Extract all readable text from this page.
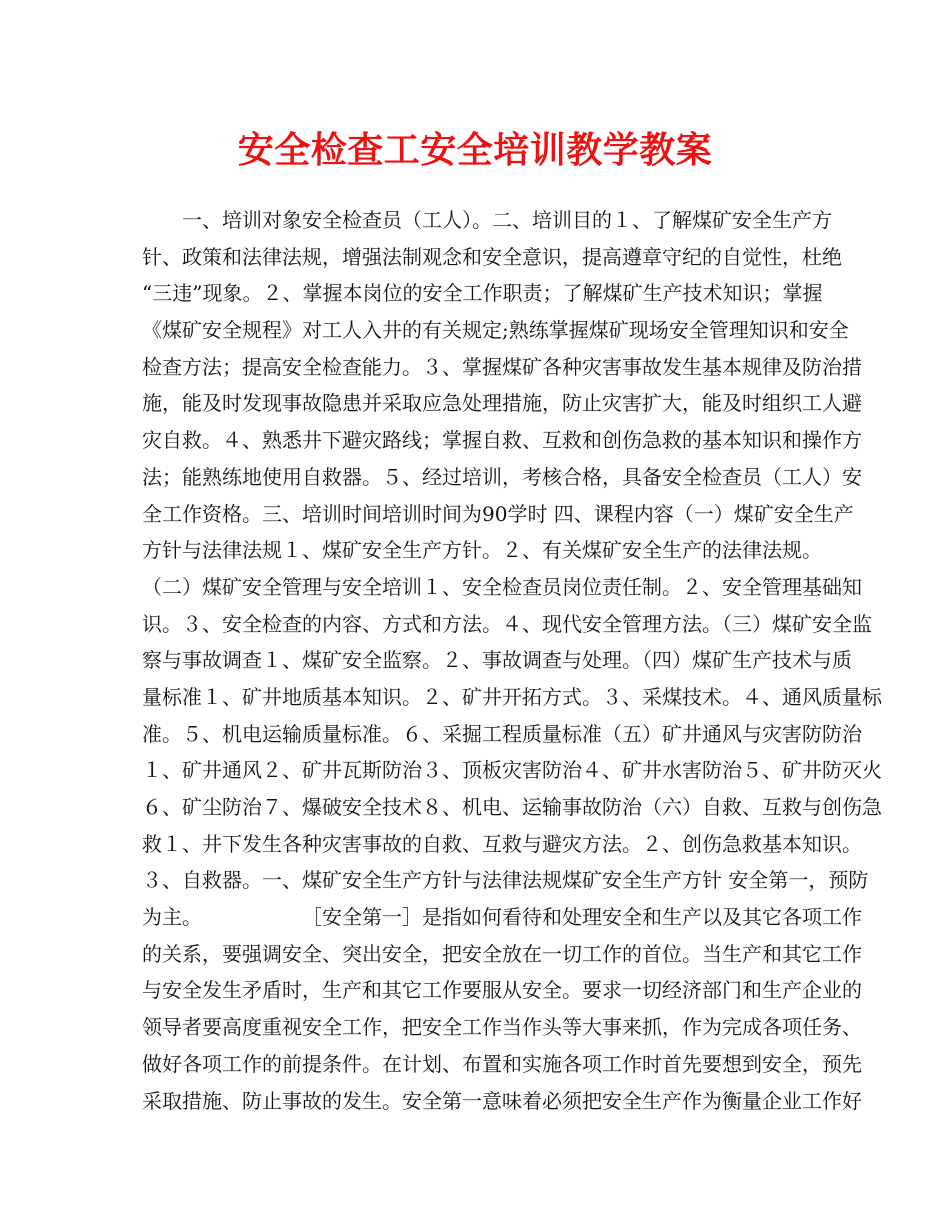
安全检查工安全培训教学教案
　　一、培训对象安全检查员（工人）。二、培训目的１、了解煤矿安全生产方
针、政策和法律法规，增强法制观念和安全意识，提高遵章守纪的自觉性，杜绝
“三违”现象。２、掌握本岗位的安全工作职责；了解煤矿生产技术知识；掌握
《煤矿安全规程》对工人入井的有关规定;熟练掌握煤矿现场安全管理知识和安全
检查方法；提高安全检查能力。３、掌握煤矿各种灾害事故发生基本规律及防治措
施，能及时发现事故隐患并采取应急处理措施，防止灾害扩大，能及时组织工人避
灾自救。４、熟悉井下避灾路线；掌握自救、互救和创伤急救的基本知识和操作方
法；能熟练地使用自救器。５、经过培训，考核合格，具备安全检查员（工人）安
全工作资格。三、培训时间培训时间为90学时 四、课程内容（一）煤矿安全生产
方针与法律法规１、煤矿安全生产方针。２、有关煤矿安全生产的法律法规。
（二）煤矿安全管理与安全培训１、安全检查员岗位责任制。２、安全管理基础知
识。３、安全检查的内容、方式和方法。４、现代安全管理方法。（三）煤矿安全监
察与事故调查１、煤矿安全监察。２、事故调查与处理。（四）煤矿生产技术与质
量标准１、矿井地质基本知识。２、矿井开拓方式。３、采煤技术。４、通风质量标
准。５、机电运输质量标准。６、采掘工程质量标准（五）矿井通风与灾害防防治
１、矿井通风２、矿井瓦斯防治３、顶板灾害防治４、矿井水害防治５、矿井防灭火
６、矿尘防治７、爆破安全技术８、机电、运输事故防治（六）自救、互救与创伤急
救１、井下发生各种灾害事故的自救、互救与避灾方法。２、创伤急救基本知识。
３、自救器。一、煤矿安全生产方针与法律法规煤矿安全生产方针 安全第一，预防
为主。　　　　　　［安全第一］是指如何看待和处理安全和生产以及其它各项工作
的关系，要强调安全、突出安全，把安全放在一切工作的首位。当生产和其它工作
与安全发生矛盾时，生产和其它工作要服从安全。要求一切经济部门和生产企业的
领导者要高度重视安全工作，把安全工作当作头等大事来抓，作为完成各项任务、
做好各项工作的前提条件。在计划、布置和实施各项工作时首先要想到安全，预先
采取措施、防止事故的发生。安全第一意味着必须把安全生产作为衡量企业工作好
